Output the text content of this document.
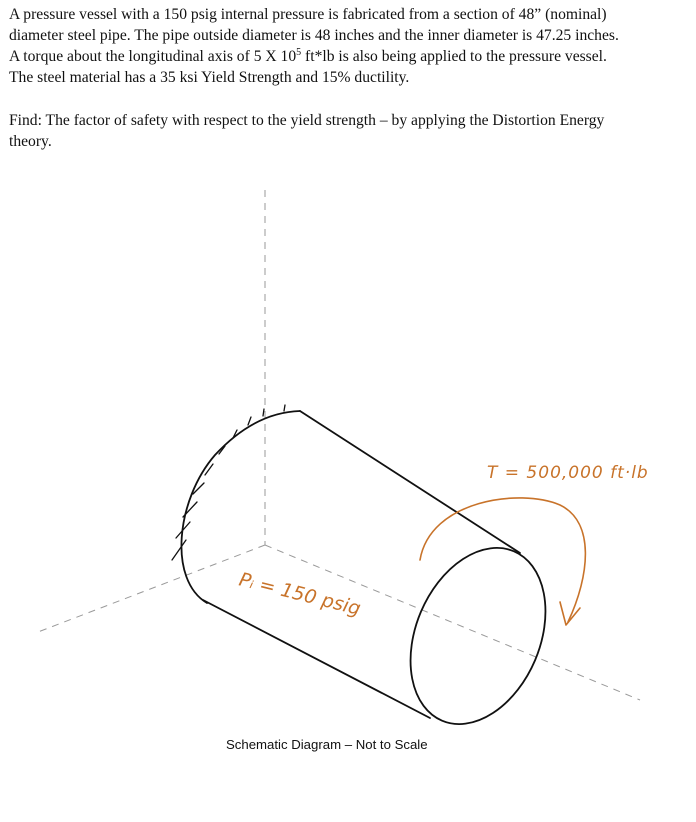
A pressure vessel with a 150 psig internal pressure is fabricated from a section of 48” (nominal)
diameter steel pipe. The pipe outside diameter is 48 inches and the inner diameter is 47.25 inches.
A torque about the longitudinal axis of 5 X $10^5$ ft*lb is also being applied to the pressure vessel.
The steel material has a 35 ksi Yield Strength and 15% ductility.

Find: The factor of safety with respect to the yield strength – by applying the Distortion Energy
theory.

Pᵢ = 150 psig
T = 500,000 ft·lb
Schematic Diagram – Not to Scale
